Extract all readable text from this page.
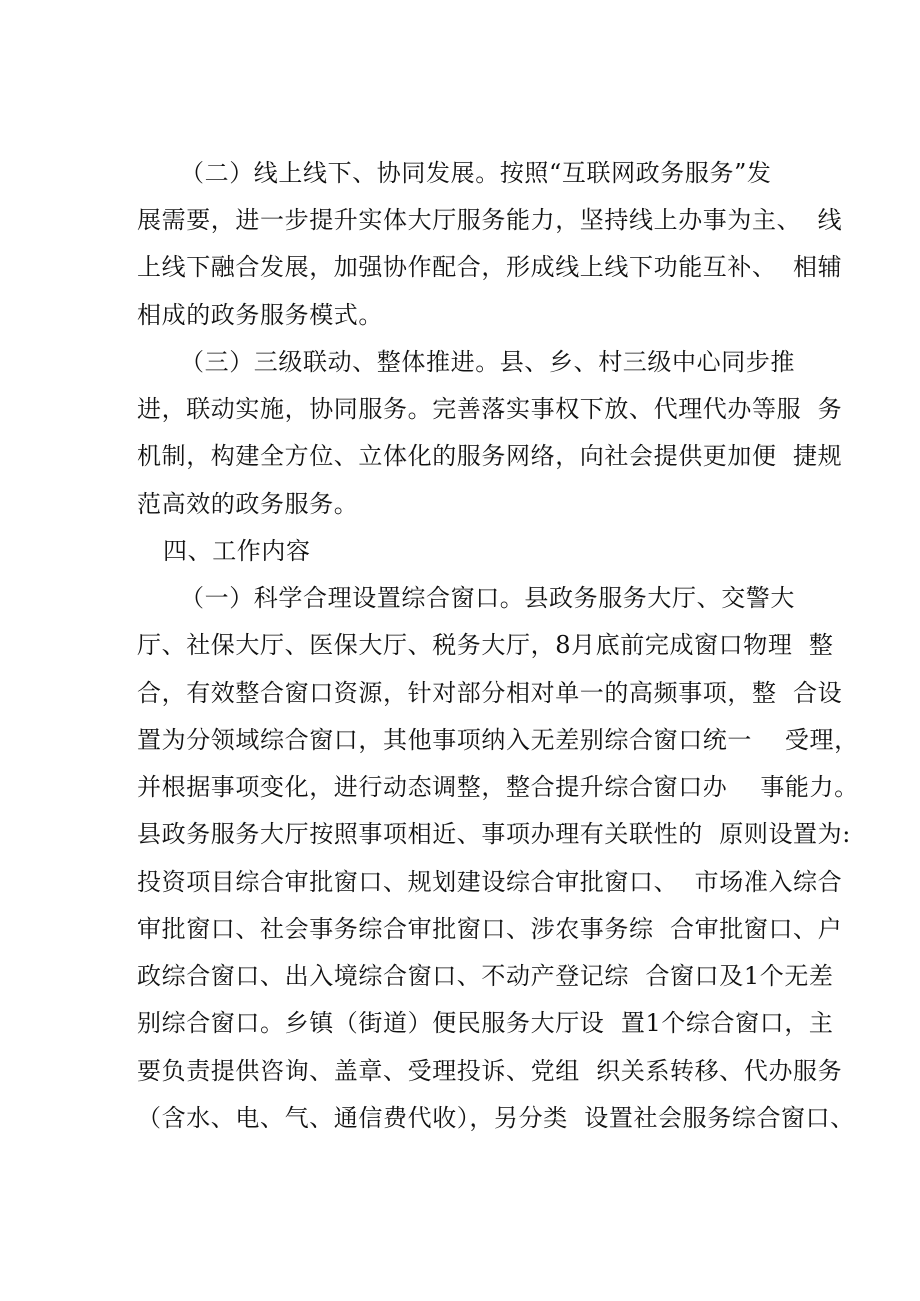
（二）线上线下、协同发展。按照“互联网政务服务”发
展需要，进一步提升实体大厅服务能力，坚持线上办事为主、  线
上线下融合发展，加强协作配合，形成线上线下功能互补、  相辅
相成的政务服务模式。
（三）三级联动、整体推进。县、乡、村三级中心同步推
进，联动实施，协同服务。完善落实事权下放、代理代办等服  务
机制，构建全方位、立体化的服务网络，向社会提供更加便  捷规
范高效的政务服务。
四、工作内容
（一）科学合理设置综合窗口。县政务服务大厅、交警大
厅、社保大厅、医保大厅、税务大厅，8月底前完成窗口物理  整
合，有效整合窗口资源，针对部分相对单一的高频事项，整  合设
置为分领域综合窗口，其他事项纳入无差别综合窗口统一    受理，
并根据事项变化，进行动态调整，整合提升综合窗口办    事能力。
县政务服务大厅按照事项相近、事项办理有关联性的  原则设置为:
投资项目综合审批窗口、规划建设综合审批窗口、  市场准入综合
审批窗口、社会事务综合审批窗口、涉农事务综  合审批窗口、户
政综合窗口、出入境综合窗口、不动产登记综  合窗口及1个无差
别综合窗口。乡镇（街道）便民服务大厅设  置1个综合窗口，主
要负责提供咨询、盖章、受理投诉、党组  织关系转移、代办服务
（含水、电、气、通信费代收），另分类  设置社会服务综合窗口、
